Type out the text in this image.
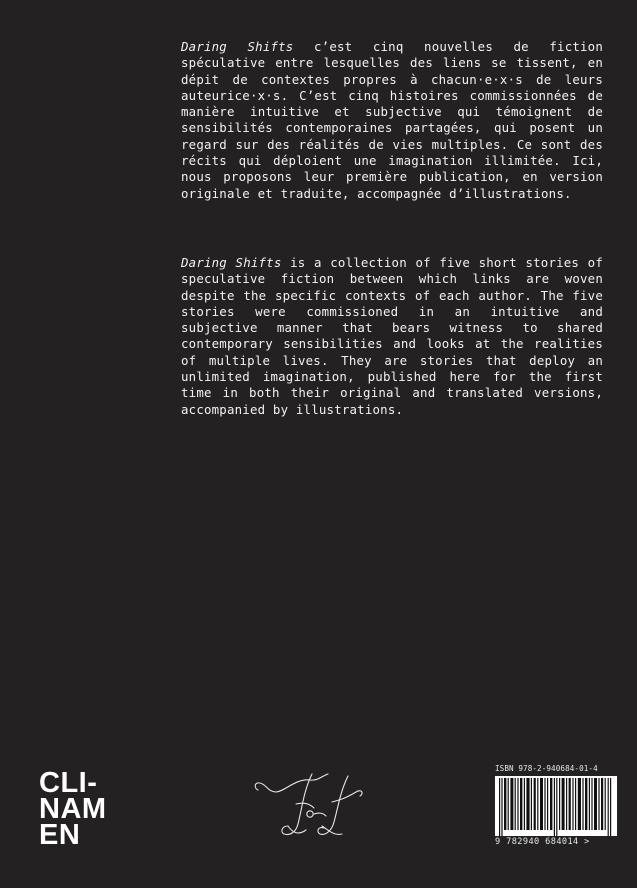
Daring Shifts c’est cinq nouvelles de fiction spéculative entre lesquelles des liens se tissent, en dépit de contextes propres à chacun·e·x·s de leurs auteurice·x·s. C’est cinq histoires commissionnées de manière intuitive et subjective qui témoignent de sensibilités contemporaines partagées, qui posent un regard sur des réalités de vies multiples. Ce sont des récits qui déploient une imagination illimitée. Ici, nous proposons leur première publication, en version originale et traduite, accompagnée d’illustrations.
Daring Shifts is a collection of five short stories of speculative fiction between which links are woven despite the specific contexts of each author. The five stories were commissioned in an intuitive and subjective manner that bears witness to shared contemporary sensibilities and looks at the realities of multiple lives. They are stories that deploy an unlimited imagination, published here for the first time in both their original and translated versions, accompanied by illustrations.
CLI-
NAM
EN
ISBN 978-2-940684-01-4
9 782940 684014 >
